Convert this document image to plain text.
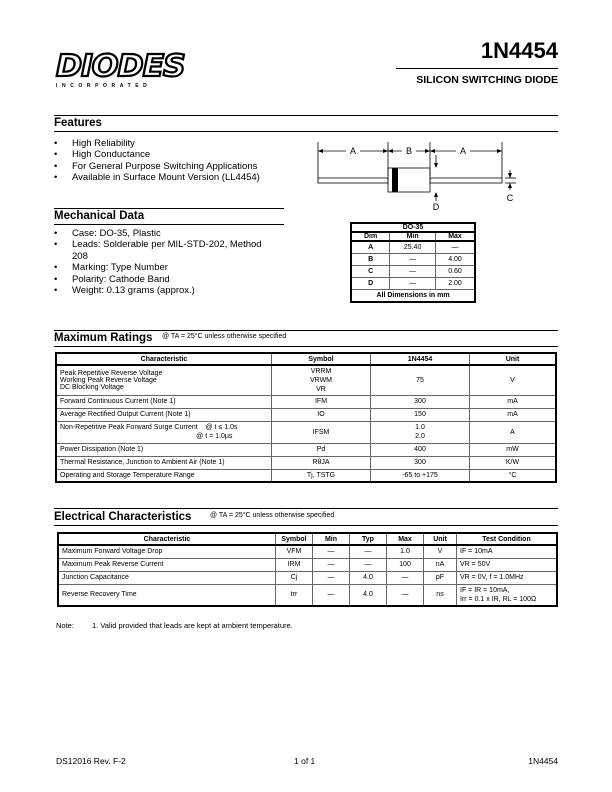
DIODES
INCORPORATED
1N4454
SILICON SWITCHING DIODE
Features
• High Reliability
• High Conductance
• For General Purpose Switching Applications
• Available in Surface Mount Version (LL4454)
A	B	A
C
D
Mechanical Data
• Case: DO-35, Plastic
• Leads: Solderable per MIL-STD-202, Method 208
• Marking: Type Number
• Polarity: Cathode Band
• Weight: 0.13 grams (approx.)
DO-35		
Dim	Min	Max
A	25.40	—
B	—	4.00
C	—	0.60
D	—	2.00
All Dimensions in mm		
Maximum Ratings @ TA = 25°C unless otherwise specified
Characteristic	Symbol	1N4454	Unit
Peak Repetitive Reverse Voltage
Working Peak Reverse Voltage
DC Blocking Voltage	VRRM
VRWM
VR	75	V
Forward Continuous Current (Note 1)	IFM	300	mA
Average Rectified Output Current (Note 1)	IO	150	mA
Non-Repetitive Peak Forward Surge Current    @ t ≤ 1.0s
@ t = 1.0µs	IFSM	1.0
2.0	A
Power Dissipation (Note 1)	Pd	400	mW
Thermal Resistance, Junction to Ambient Air (Note 1)	RθJA	300	K/W
Operating and Storage Temperature Range	Tj, TSTG	-65 to +175	°C
Electrical Characteristics	@ TA = 25°C unless otherwise specified
Characteristic	Symbol	Min	Typ	Max	Unit	Test Condition
Maximum Forward Voltage Drop	VFM	—	—	1.0	V	IF = 10mA
Maximum Peak Reverse Current	IRM	—	—	100	nA	VR = 50V
Junction Capacitance	Cj	—	4.0	—	pF	VR = 0V, f = 1.0MHz
Reverse Recovery Time	trr	—	4.0	—	ns	IF = IR = 10mA,
Irr = 0.1 x IR, RL = 100Ω
Note: 1. Valid provided that leads are kept at ambient temperature.
DS12016 Rev. F-2	1 of 1	1N4454
